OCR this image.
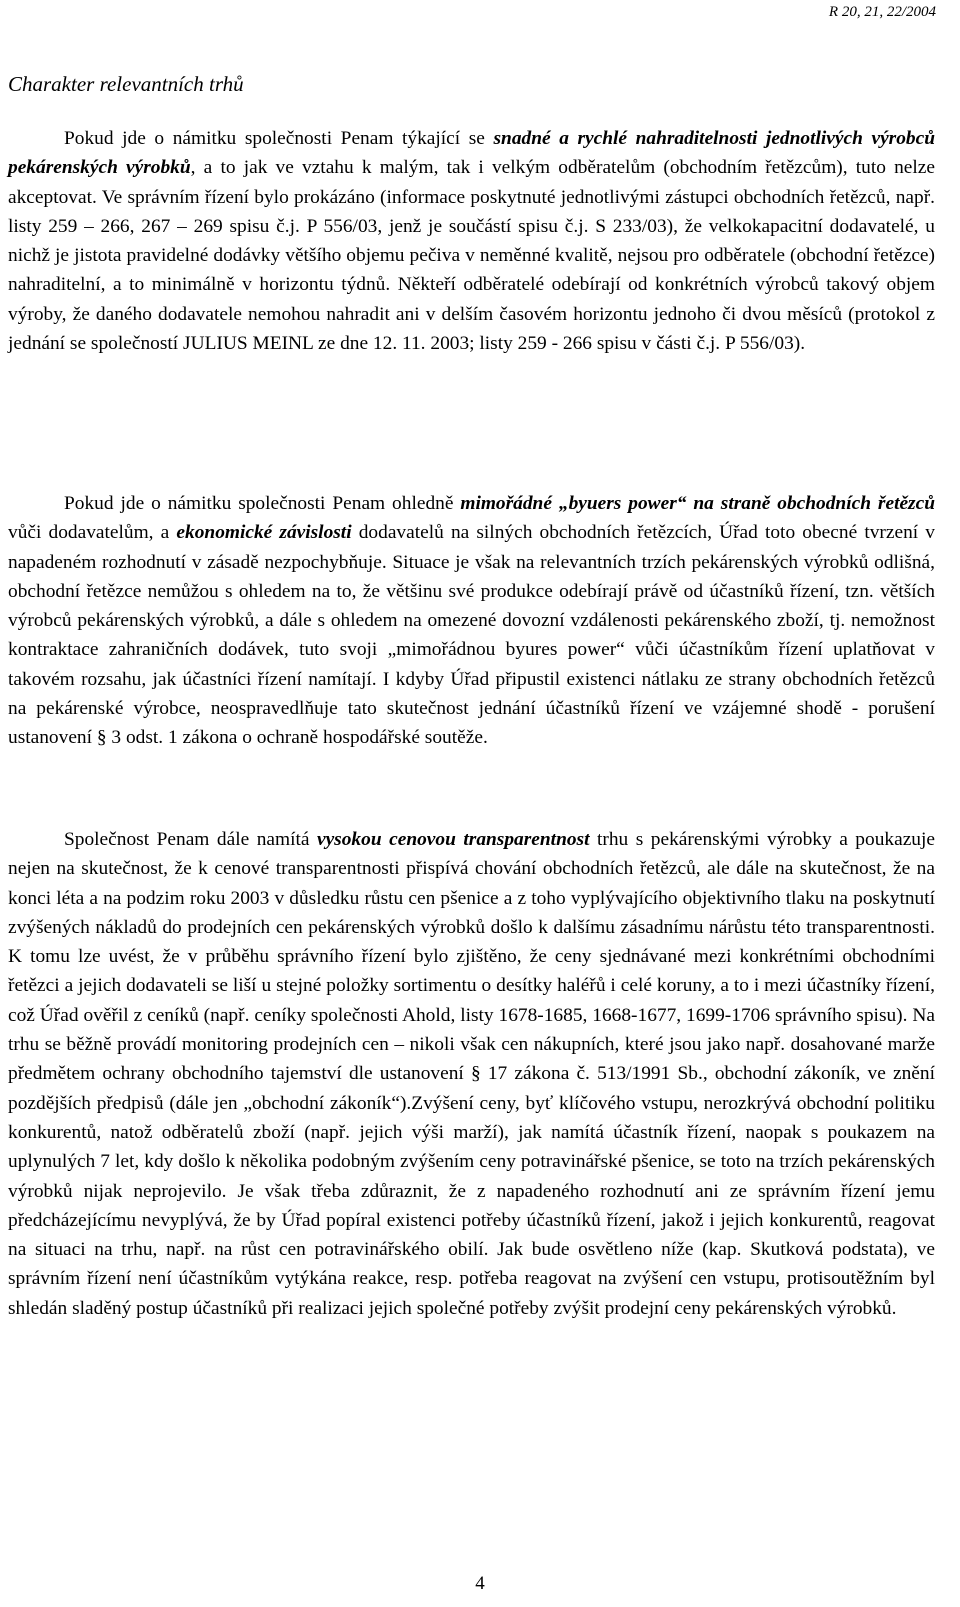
R 20, 21, 22/2004
Charakter relevantních trhů

Pokud jde o námitku společnosti Penam týkající se snadné a rychlé nahraditelnosti jednotlivých výrobců pekárenských výrobků, a to jak ve vztahu k malým, tak i velkým odběratelům (obchodním řetězcům), tuto nelze akceptovat. Ve správním řízení bylo prokázáno (informace poskytnuté jednotlivými zástupci obchodních řetězců, např. listy 259 – 266, 267 – 269 spisu č.j. P 556/03, jenž je součástí spisu č.j. S 233/03), že velkokapacitní dodavatelé, u nichž je jistota pravidelné dodávky většího objemu pečiva v neměnné kvalitě, nejsou pro odběratele (obchodní řetězce) nahraditelní, a to minimálně v horizontu týdnů. Někteří odběratelé odebírají od konkrétních výrobců takový objem výroby, že daného dodavatele nemohou nahradit ani v delším časovém horizontu jednoho či dvou měsíců (protokol z jednání se společností JULIUS MEINL ze dne 12. 11. 2003; listy 259 - 266 spisu v části č.j. P 556/03).

Pokud jde o námitku společnosti Penam ohledně mimořádné „byuers power“ na straně obchodních řetězců vůči dodavatelům, a ekonomické závislosti dodavatelů na silných obchodních řetězcích, Úřad toto obecné tvrzení v napadeném rozhodnutí v zásadě nezpochybňuje. Situace je však na relevantních trzích pekárenských výrobků odlišná, obchodní řetězce nemůžou s ohledem na to, že většinu své produkce odebírají právě od účastníků řízení, tzn. větších výrobců pekárenských výrobků, a dále s ohledem na omezené dovozní vzdálenosti pekárenského zboží, tj. nemožnost kontraktace zahraničních dodávek, tuto svoji „mimořádnou byures power“ vůči účastníkům řízení uplatňovat v takovém rozsahu, jak účastníci řízení namítají. I kdyby Úřad připustil existenci nátlaku ze strany obchodních řetězců na pekárenské výrobce, neospravedlňuje tato skutečnost jednání účastníků řízení ve vzájemné shodě - porušení ustanovení § 3 odst. 1 zákona o ochraně hospodářské soutěže.

Společnost Penam dále namítá vysokou cenovou transparentnost trhu s pekárenskými výrobky a poukazuje nejen na skutečnost, že k cenové transparentnosti přispívá chování obchodních řetězců, ale dále na skutečnost, že na konci léta a na podzim roku 2003 v důsledku růstu cen pšenice a z toho vyplývajícího objektivního tlaku na poskytnutí zvýšených nákladů do prodejních cen pekárenských výrobků došlo k dalšímu zásadnímu nárůstu této transparentnosti. K tomu lze uvést, že v průběhu správního řízení bylo zjištěno, že ceny sjednávané mezi konkrétními obchodními řetězci a jejich dodavateli se liší u stejné položky sortimentu o desítky haléřů i celé koruny, a to i mezi účastníky řízení, což Úřad ověřil z ceníků (např. ceníky společnosti Ahold, listy 1678-1685, 1668-1677, 1699-1706 správního spisu). Na trhu se běžně provádí monitoring prodejních cen – nikoli však cen nákupních, které jsou jako např. dosahované marže předmětem ochrany obchodního tajemství dle ustanovení § 17 zákona č. 513/1991 Sb., obchodní zákoník, ve znění pozdějších předpisů (dále jen „obchodní zákoník“).Zvýšení ceny, byť klíčového vstupu, nerozkrývá obchodní politiku konkurentů, natož odběratelů zboží (např. jejich výši marží), jak namítá účastník řízení, naopak s poukazem na uplynulých 7 let, kdy došlo k několika podobným zvýšením ceny potravinářské pšenice, se toto na trzích pekárenských výrobků nijak neprojevilo. Je však třeba zdůraznit, že z napadeného rozhodnutí ani ze správním řízení jemu předcházejícímu nevyplývá, že by Úřad popíral existenci potřeby účastníků řízení, jakož i jejich konkurentů, reagovat na situaci na trhu, např. na růst cen potravinářského obilí. Jak bude osvětleno níže (kap. Skutková podstata), ve správním řízení není účastníkům vytýkána reakce, resp. potřeba reagovat na zvýšení cen vstupu, protisoutěžním byl shledán sladěný postup účastníků při realizaci jejich společné potřeby zvýšit prodejní ceny pekárenských výrobků.

4
